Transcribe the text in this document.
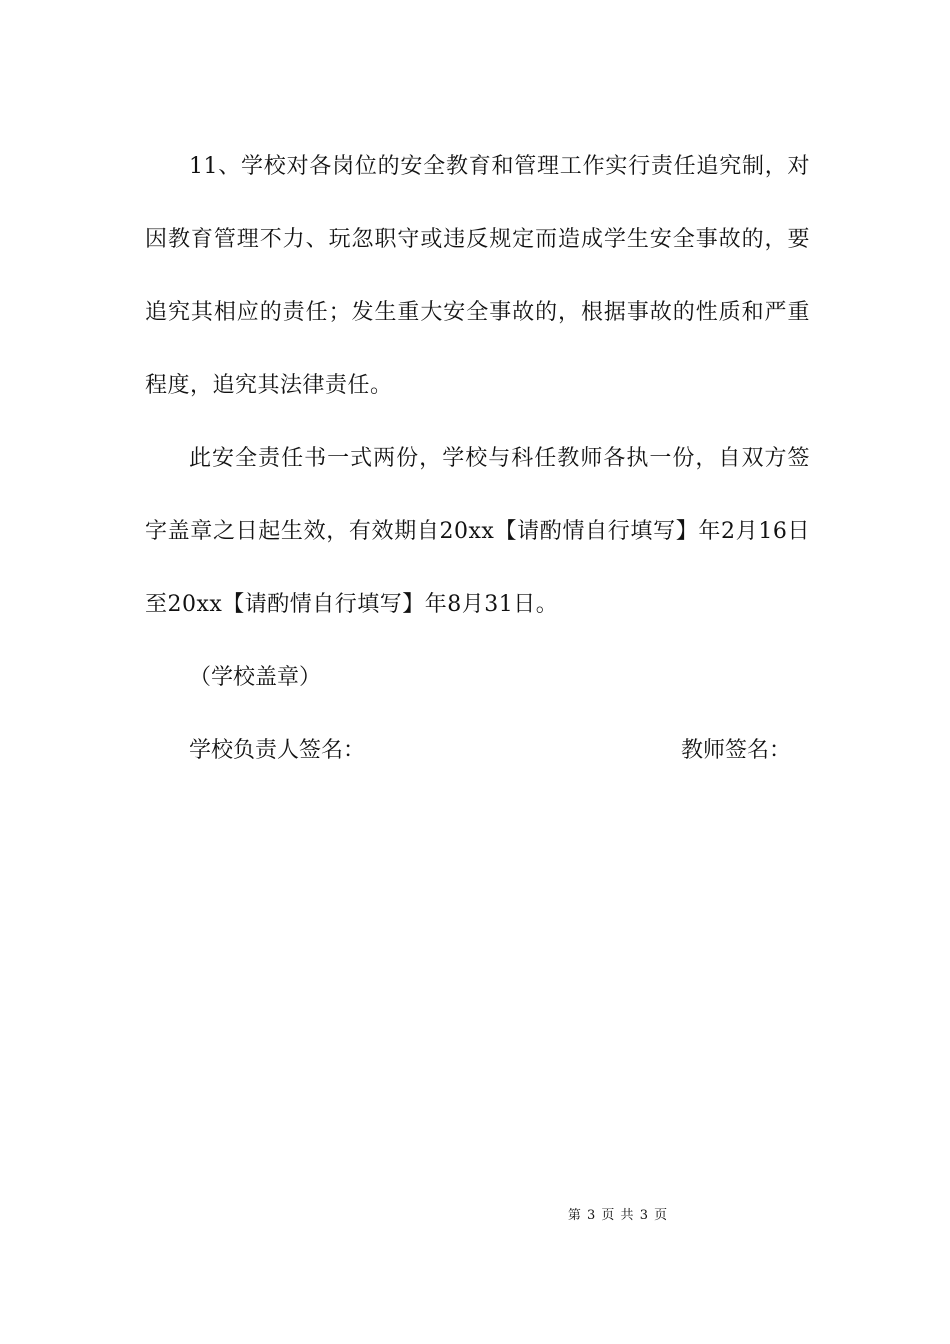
11、学校对各岗位的安全教育和管理工作实行责任追究制，对因教育管理不力、玩忽职守或违反规定而造成学生安全事故的，要追究其相应的责任；发生重大安全事故的，根据事故的性质和严重程度，追究其法律责任。

此安全责任书一式两份，学校与科任教师各执一份，自双方签字盖章之日起生效，有效期自20xx【请酌情自行填写】年2月16日至20xx【请酌情自行填写】年8月31日。

（学校盖章）

学校负责人签名：	教师签名：
第 3 页 共 3 页
